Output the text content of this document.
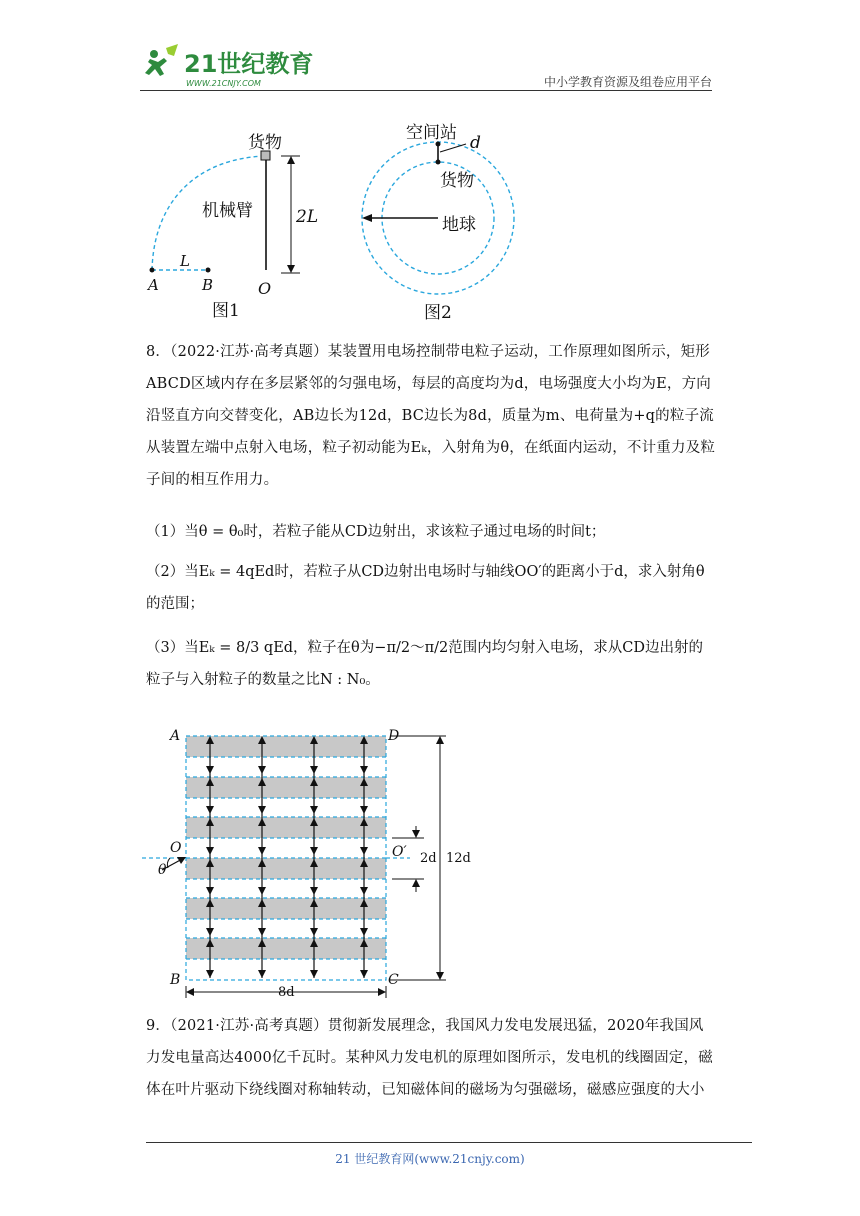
21世纪教育
WWW.21CNJY.COM	中小学教育资源及组卷应用平台
货物
机械臂	2L
L
A	B	O
图1
空间站 d
货物
地球
图2
8．（2022·江苏·高考真题）某装置用电场控制带电粒子运动，工作原理如图所示，矩形ABCD区域内存在多层紧邻的匀强电场，每层的高度均为d，电场强度大小均为E，方向沿竖直方向交替变化，AB边长为12d，BC边长为8d，质量为m、电荷量为+q的粒子流从装置左端中点射入电场，粒子初动能为Eₖ，入射角为θ，在纸面内运动，不计重力及粒子间的相互作用力。
（1）当θ = θ₀时，若粒子能从CD边射出，求该粒子通过电场的时间t；
（2）当Eₖ = 4qEd时，若粒子从CD边射出电场时与轴线OO′的距离小于d，求入射角θ的范围；
（3）当Eₖ = 8/3 qEd，粒子在θ为−π/2～π/2范围内均匀射入电场，求从CD边出射的粒子与入射粒子的数量之比N : N₀。
A	D
B	C
O	O′
θ
2d 12d
8d
9．（2021·江苏·高考真题）贯彻新发展理念，我国风力发电发展迅猛，2020年我国风力发电量高达4000亿千瓦时。某种风力发电机的原理如图所示，发电机的线圈固定，磁体在叶片驱动下绕线圈对称轴转动，已知磁体间的磁场为匀强磁场，磁感应强度的大小
21 世纪教育网(www.21cnjy.com)
